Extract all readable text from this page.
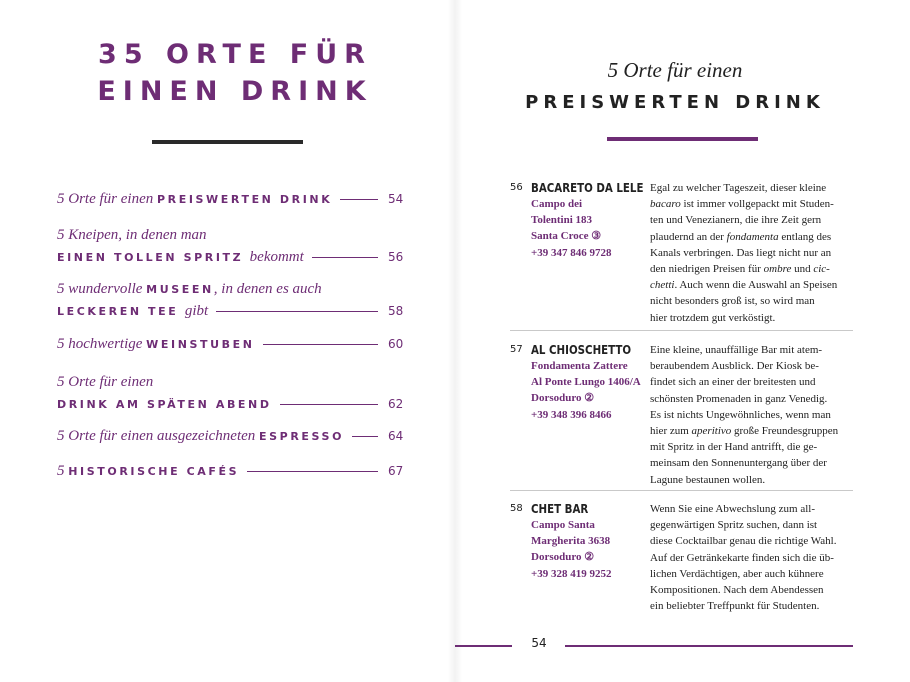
35 ORTE FÜR
EINEN DRINK
5 Orte für einen PREISWERTEN DRINK	54
5 Kneipen, in denen man
EINEN TOLLEN SPRITZ bekommt	56
5 wundervolle MUSEEN , in denen es auch
LECKEREN TEE gibt	58
5 hochwertige WEINSTUBEN	60
5 Orte für einen
DRINK AM SPÄTEN ABEND	62
5 Orte für einen ausgezeichneten ESPRESSO	64
5 HISTORISCHE CAFÉS	67
5 Orte für einen
PREISWERTEN DRINK
56 BACARETO DA LELE
Campo dei
Tolentini 183
Santa Croce ③
+39 347 846 9728

Egal zu welcher Tageszeit, dieser kleine

bacaro ist immer vollgepackt mit Studen-

ten und Venezianern, die ihre Zeit gern

plaudernd an der fondamenta entlang des

Kanals verbringen. Das liegt nicht nur an

den niedrigen Preisen für ombre und cic-

chetti. Auch wenn die Auswahl an Speisen

nicht besonders groß ist, so wird man

hier trotzdem gut verköstigt.

57 AL CHIOSCHETTO
Fondamenta Zattere
Al Ponte Lungo 1406/A
Dorsoduro ②
+39 348 396 8466

Eine kleine, unauffällige Bar mit atem-

beraubendem Ausblick. Der Kiosk be-

findet sich an einer der breitesten und

schönsten Promenaden in ganz Venedig.

Es ist nichts Ungewöhnliches, wenn man

hier zum aperitivo große Freundesgruppen

mit Spritz in der Hand antrifft, die ge-

meinsam den Sonnenuntergang über der

Lagune bestaunen wollen.

58 CHET BAR
Campo Santa
Margherita 3638
Dorsoduro ②
+39 328 419 9252

Wenn Sie eine Abwechslung zum all-

gegenwärtigen Spritz suchen, dann ist

diese Cocktailbar genau die richtige Wahl.

Auf der Getränkekarte finden sich die üb-

lichen Verdächtigen, aber auch kühnere

Kompositionen. Nach dem Abendessen

ein beliebter Treffpunkt für Studenten.

54
